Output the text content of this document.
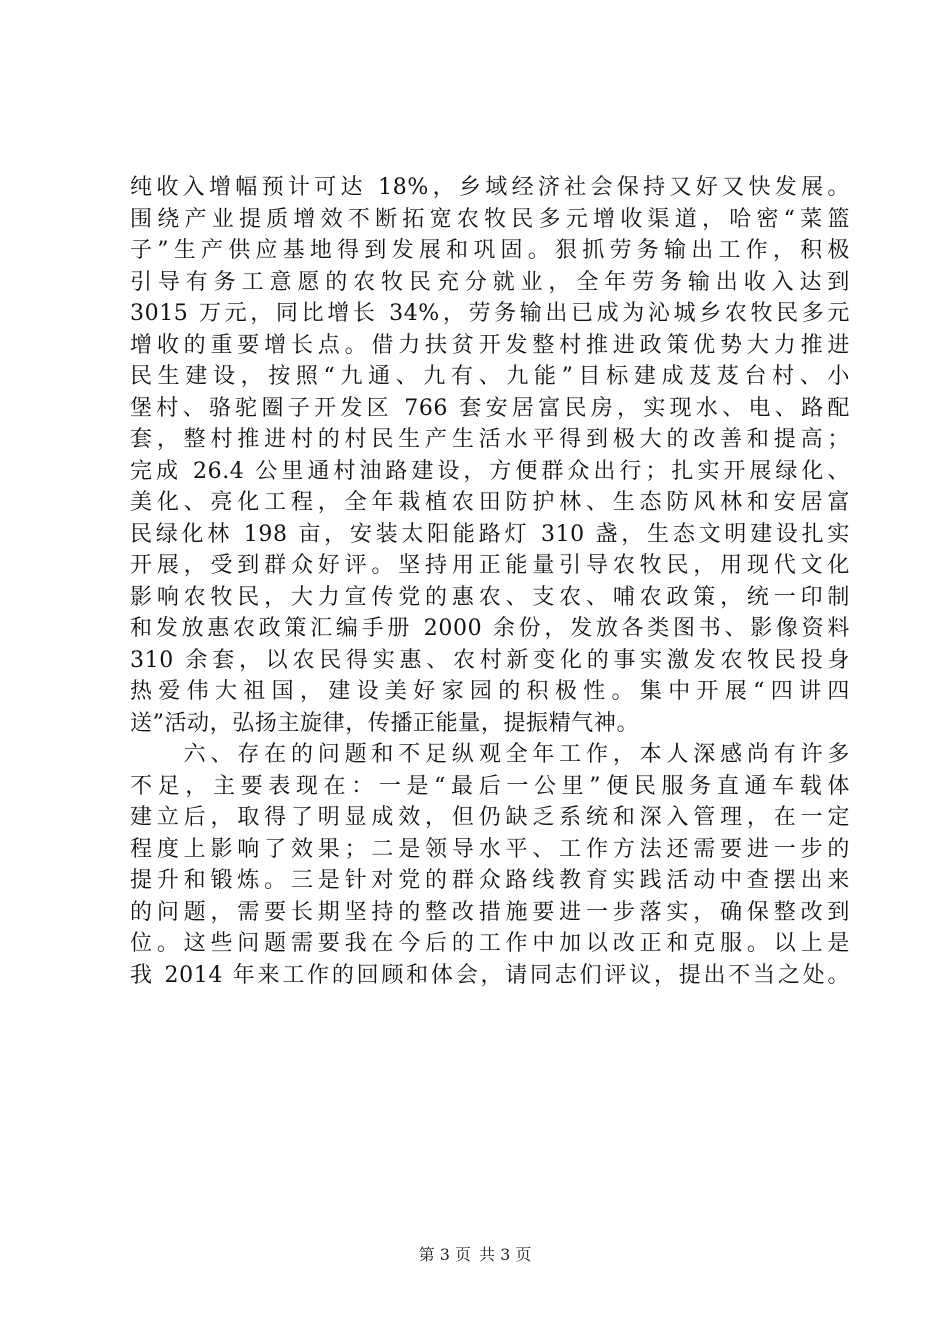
纯收入增幅预计可达 18%，乡域经济社会保持又好又快发展。
围绕产业提质增效不断拓宽农牧民多元增收渠道，哈密“菜篮
子”生产供应基地得到发展和巩固。狠抓劳务输出工作，积极
引导有务工意愿的农牧民充分就业，全年劳务输出收入达到
3015 万元，同比增长 34%，劳务输出已成为沁城乡农牧民多元
增收的重要增长点。借力扶贫开发整村推进政策优势大力推进
民生建设，按照“九通、九有、九能”目标建成芨芨台村、小
堡村、骆驼圈子开发区 766 套安居富民房，实现水、电、路配
套，整村推进村的村民生产生活水平得到极大的改善和提高；
完成 26.4 公里通村油路建设，方便群众出行；扎实开展绿化、
美化、亮化工程，全年栽植农田防护林、生态防风林和安居富
民绿化林 198 亩，安装太阳能路灯 310 盏，生态文明建设扎实
开展，受到群众好评。坚持用正能量引导农牧民，用现代文化
影响农牧民，大力宣传党的惠农、支农、哺农政策，统一印制
和发放惠农政策汇编手册 2000 余份，发放各类图书、影像资料
310 余套，以农民得实惠、农村新变化的事实激发农牧民投身
热爱伟大祖国，建设美好家园的积极性。集中开展“四讲四
送”活动，弘扬主旋律，传播正能量，提振精气神。
　　六、存在的问题和不足纵观全年工作，本人深感尚有许多
不足，主要表现在：一是“最后一公里”便民服务直通车载体
建立后，取得了明显成效，但仍缺乏系统和深入管理，在一定
程度上影响了效果；二是领导水平、工作方法还需要进一步的
提升和锻炼。三是针对党的群众路线教育实践活动中查摆出来
的问题，需要长期坚持的整改措施要进一步落实，确保整改到
位。这些问题需要我在今后的工作中加以改正和克服。以上是
我 2014 年来工作的回顾和体会，请同志们评议，提出不当之处。
第 3 页 共 3 页
